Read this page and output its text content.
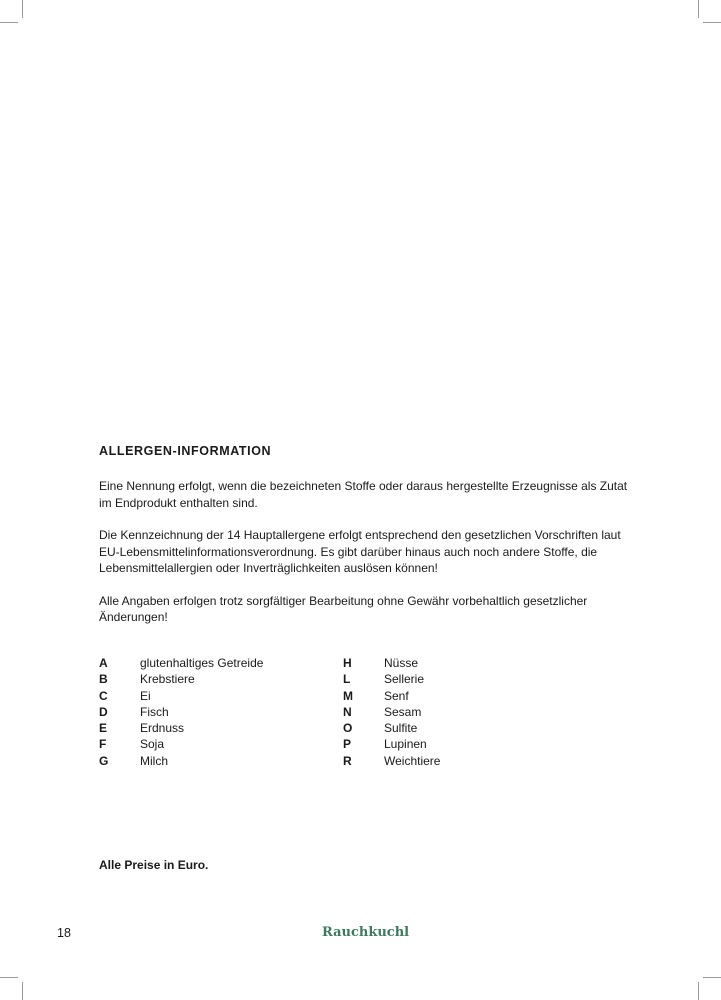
ALLERGEN-INFORMATION

Eine Nennung erfolgt, wenn die bezeichneten Stoffe oder daraus hergestellte Erzeugnisse als Zutat im Endprodukt enthalten sind.

Die Kennzeichnung der 14 Hauptallergene erfolgt entsprechend den gesetzlichen Vorschriften laut EU-Lebensmittelinformationsverordnung. Es gibt darüber hinaus auch noch andere Stoffe, die Lebensmittelallergien oder Inverträglichkeiten auslösen können!

Alle Angaben erfolgen trotz sorgfältiger Bearbeitung ohne Gewähr vorbehaltlich gesetzlicher Änderungen!

A	glutenhaltiges Getreide
B	Krebstiere
C	Ei
D	Fisch
E	Erdnuss
F	Soja
G	Milch
H	Nüsse
L	Sellerie
M	Senf
N	Sesam
O	Sulfite
P	Lupinen
R	Weichtiere
Alle Preise in Euro.
18	Rauchkuchl
